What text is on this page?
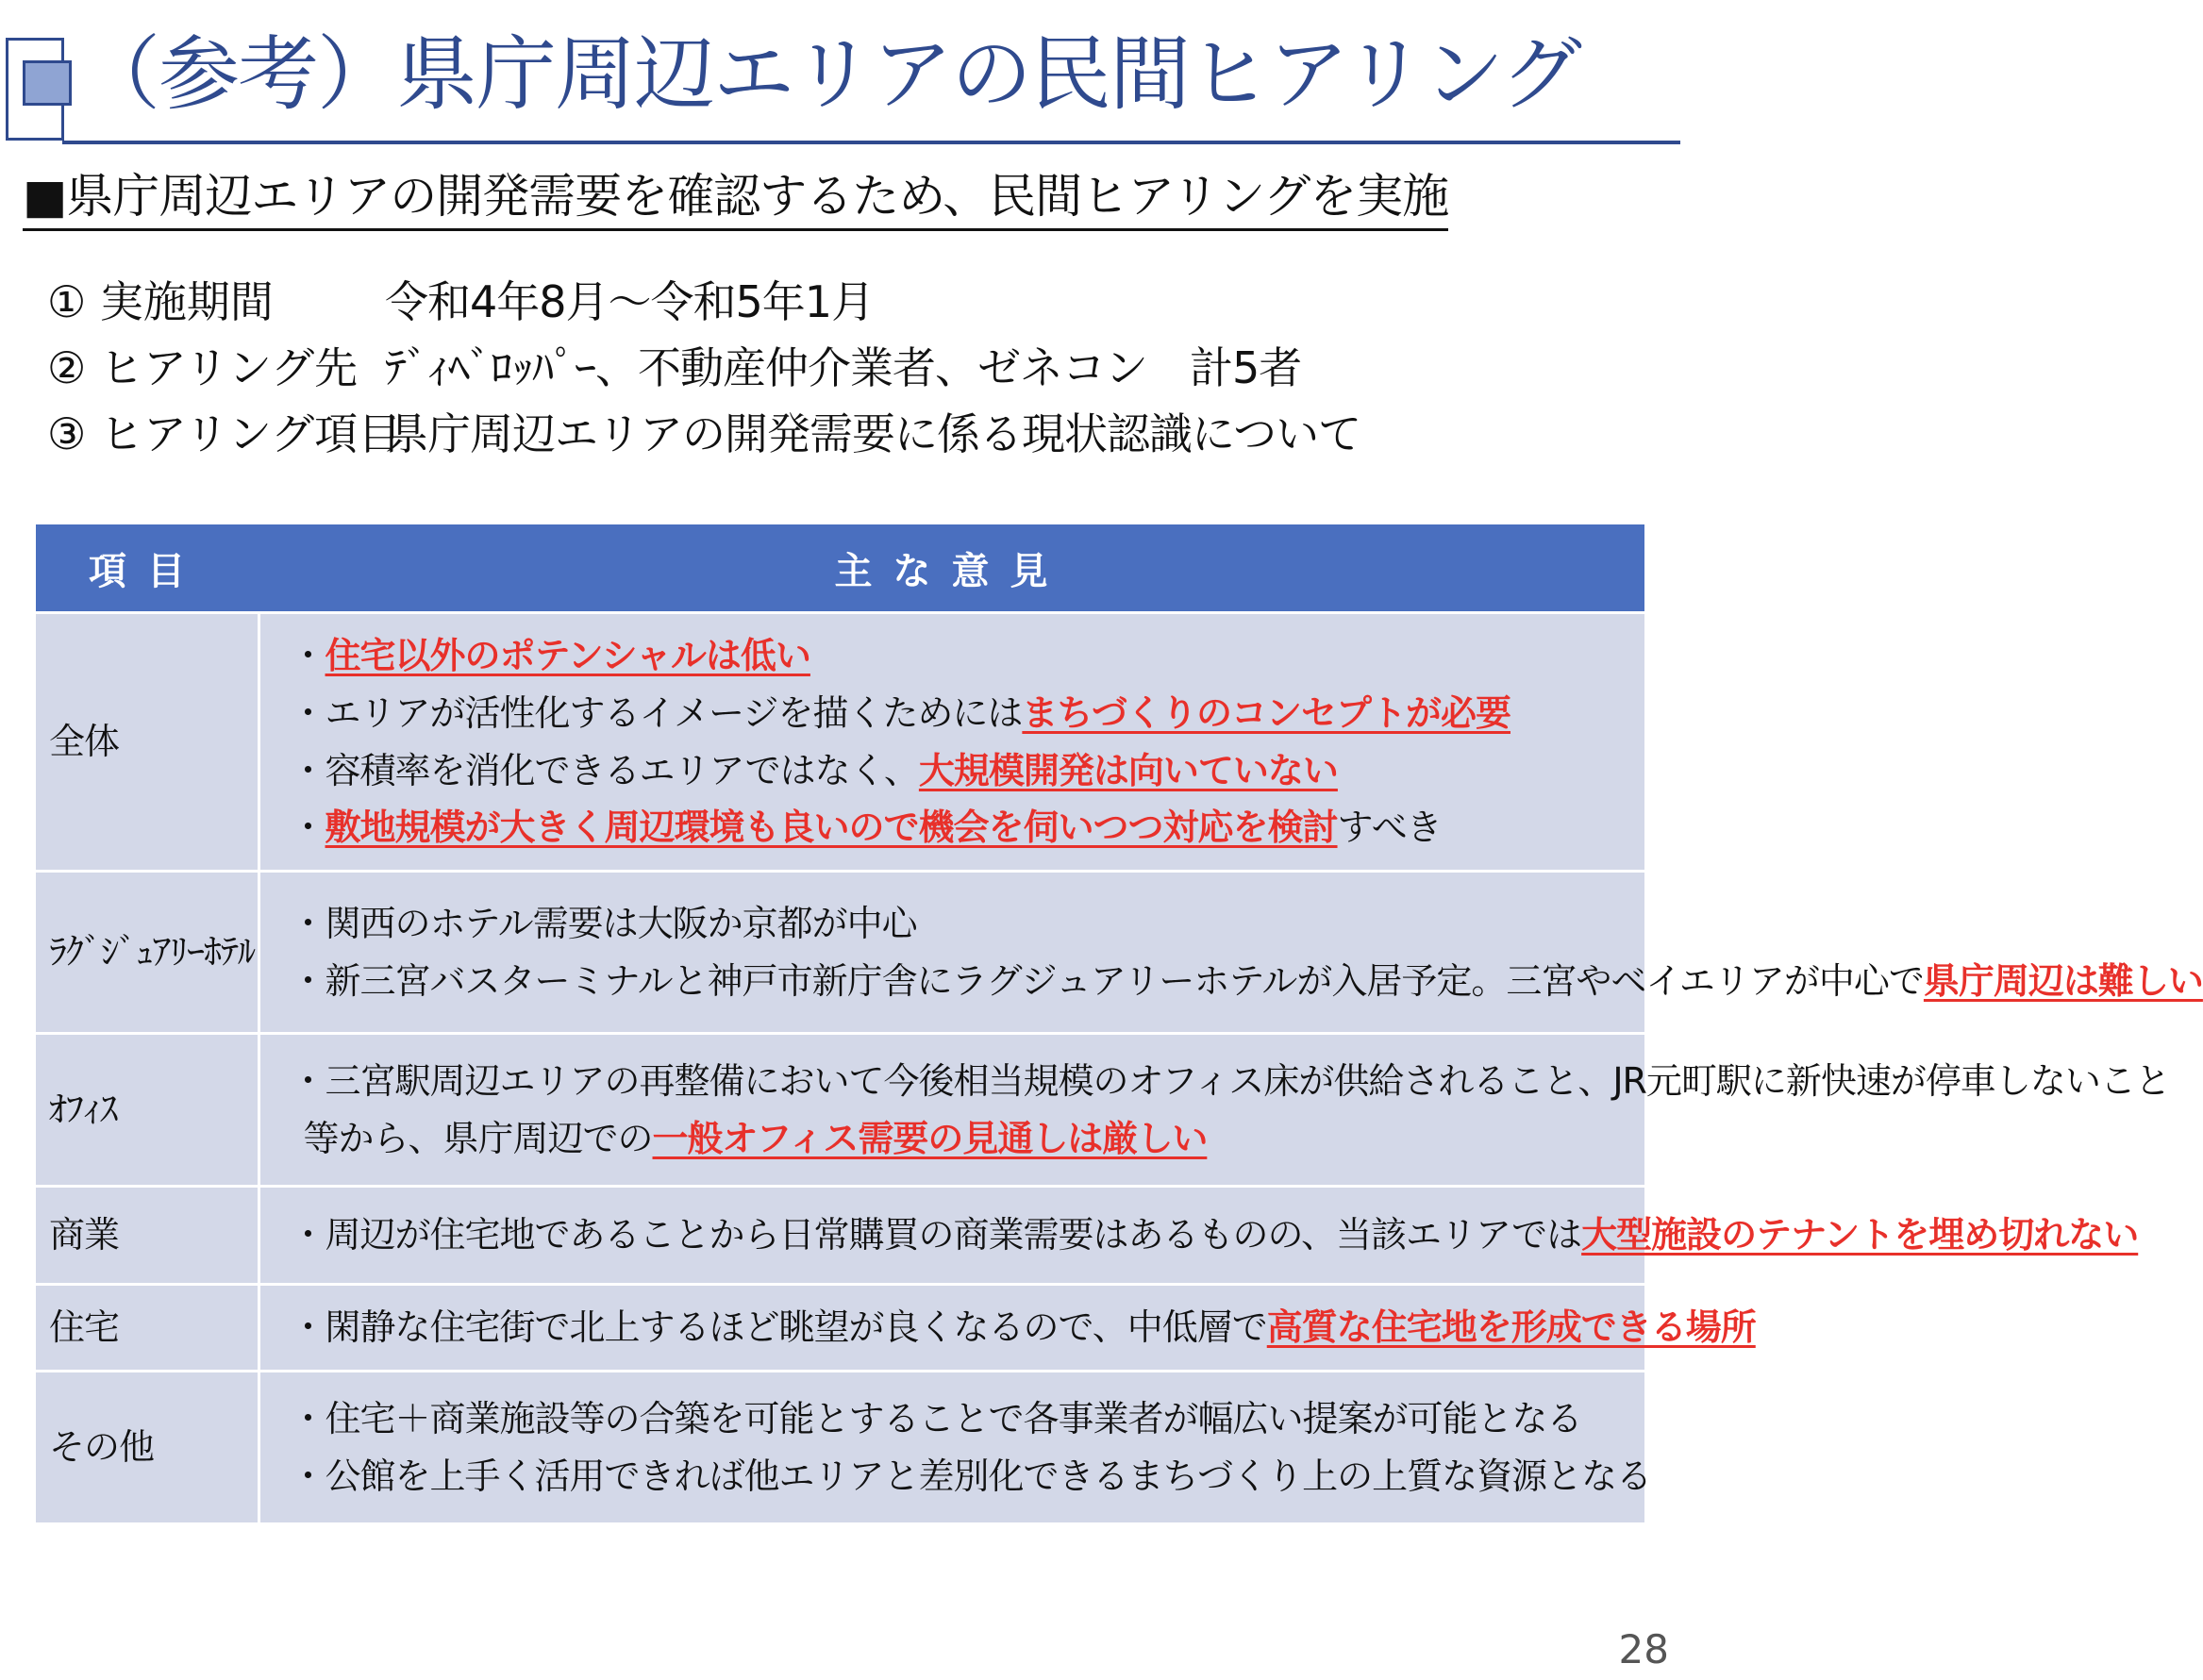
（参考）県庁周辺エリアの民間ヒアリング
■県庁周辺エリアの開発需要を確認するため、民間ヒアリングを実施
① 実施期間	令和4年8月～令和5年1月
② ヒアリング先 ﾃﾞｨﾍﾞﾛｯﾊﾟｰ、不動産仲介業者、ゼネコン　計5者
③ ヒアリング項目
県庁周辺エリアの開発需要に係る現状認識について
項目	主な意見
全体	・住宅以外のポテンシャルは低い
・エリアが活性化するイメージを描くためにはまちづくりのコンセプトが必要
・容積率を消化できるエリアではなく、大規模開発は向いていない
・敷地規模が大きく周辺環境も良いので機会を伺いつつ対応を検討すべき

ﾗｸﾞｼﾞｭｱﾘｰﾎﾃﾙ	・関西のホテル需要は大阪か京都が中心
・新三宮バスターミナルと神戸市新庁舎にラグジュアリーホテルが入居予定。三宮やベイエリアが中心で県庁周辺は難しい

ｵﾌｨｽ	・三宮駅周辺エリアの再整備において今後相当規模のオフィス床が供給されること、JR元町駅に新快速が停車しないこと
等から、県庁周辺での一般オフィス需要の見通しは厳しい

商業	・周辺が住宅地であることから日常購買の商業需要はあるものの、当該エリアでは大型施設のテナントを埋め切れない

住宅	・閑静な住宅街で北上するほど眺望が良くなるので、中低層で高質な住宅地を形成できる場所

その他	・住宅＋商業施設等の合築を可能とすることで各事業者が幅広い提案が可能となる
・公館を上手く活用できれば他エリアと差別化できるまちづくり上の上質な資源となる
28
